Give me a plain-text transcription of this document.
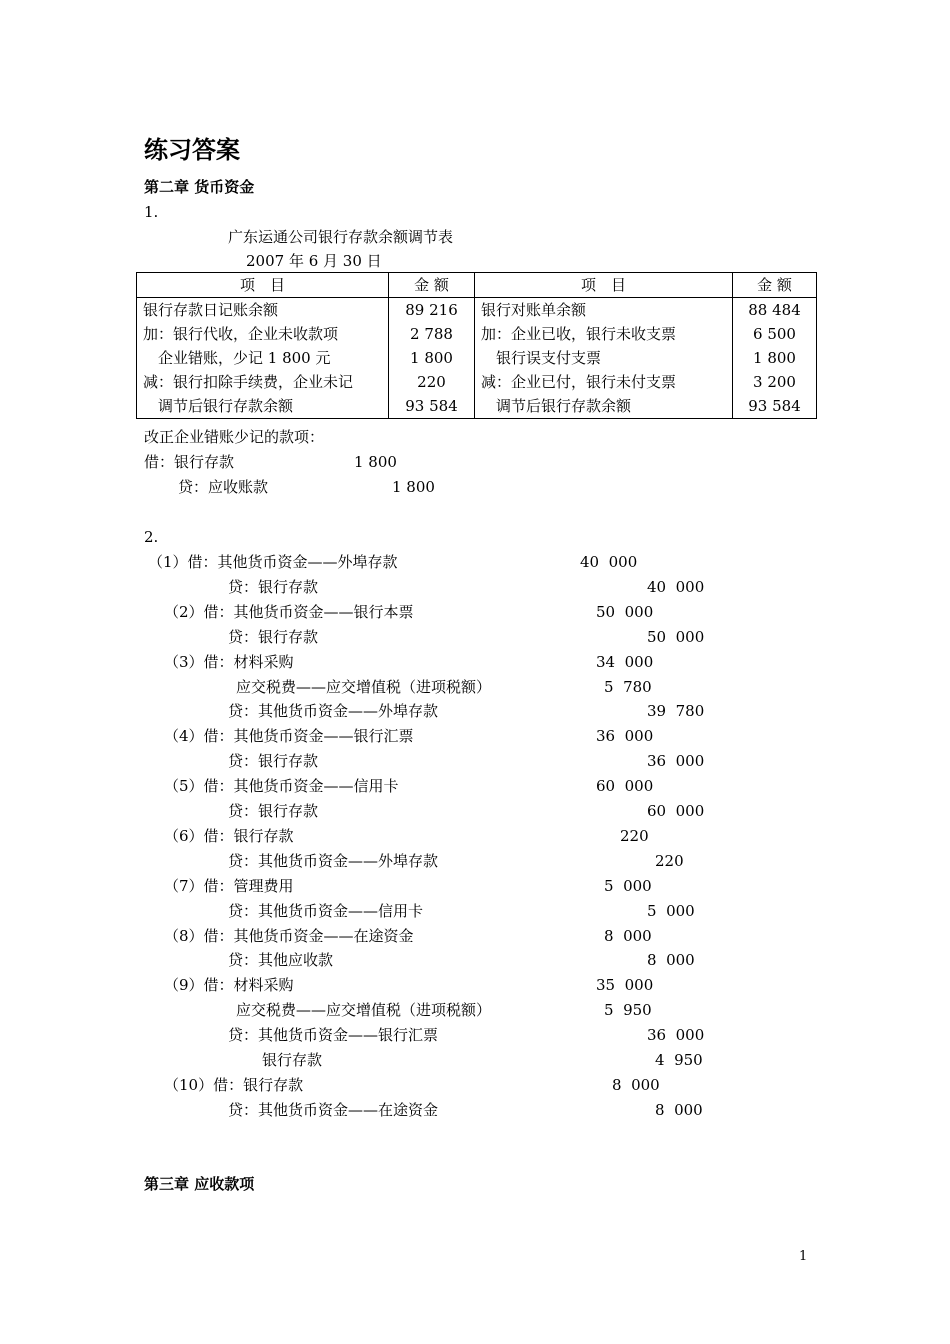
练习答案
第二章 货币资金
1.
广东运通公司银行存款余额调节表
2007 年 6 月 30 日
项　目	金 额	项　目	金 额
银行存款日记账余额	89 216	银行对账单余额	88 484
加：银行代收，企业未收款项	2 788	加：企业已收，银行未收支票	6 500
　企业错账，少记 1 800 元	1 800	　银行误支付支票	1 800
减：银行扣除手续费，企业未记	220	减：企业已付，银行未付支票	3 200
　调节后银行存款余额	93 584	　调节后银行存款余额	93 584
改正企业错账少记的款项：
借：银行存款	1 800
贷：应收账款	1 800
2.
（1）借：其他货币资金——外埠存款	40  000
贷：银行存款	40  000
（2）借：其他货币资金——银行本票	50  000
贷：银行存款	50  000
（3）借：材料采购	34  000
应交税费——应交增值税（进项税额）	5  780
贷：其他货币资金——外埠存款	39  780
（4）借：其他货币资金——银行汇票	36  000
贷：银行存款	36  000
（5）借：其他货币资金——信用卡	60  000
贷：银行存款	60  000
（6）借：银行存款	220
贷：其他货币资金——外埠存款	220
（7）借：管理费用	5  000
贷：其他货币资金——信用卡	5  000
（8）借：其他货币资金——在途资金	8  000
贷：其他应收款	8  000
（9）借：材料采购	35  000
应交税费——应交增值税（进项税额）	5  950
贷：其他货币资金——银行汇票	36  000
银行存款	4  950
（10）借：银行存款	8  000
贷：其他货币资金——在途资金	8  000
第三章 应收款项
1
